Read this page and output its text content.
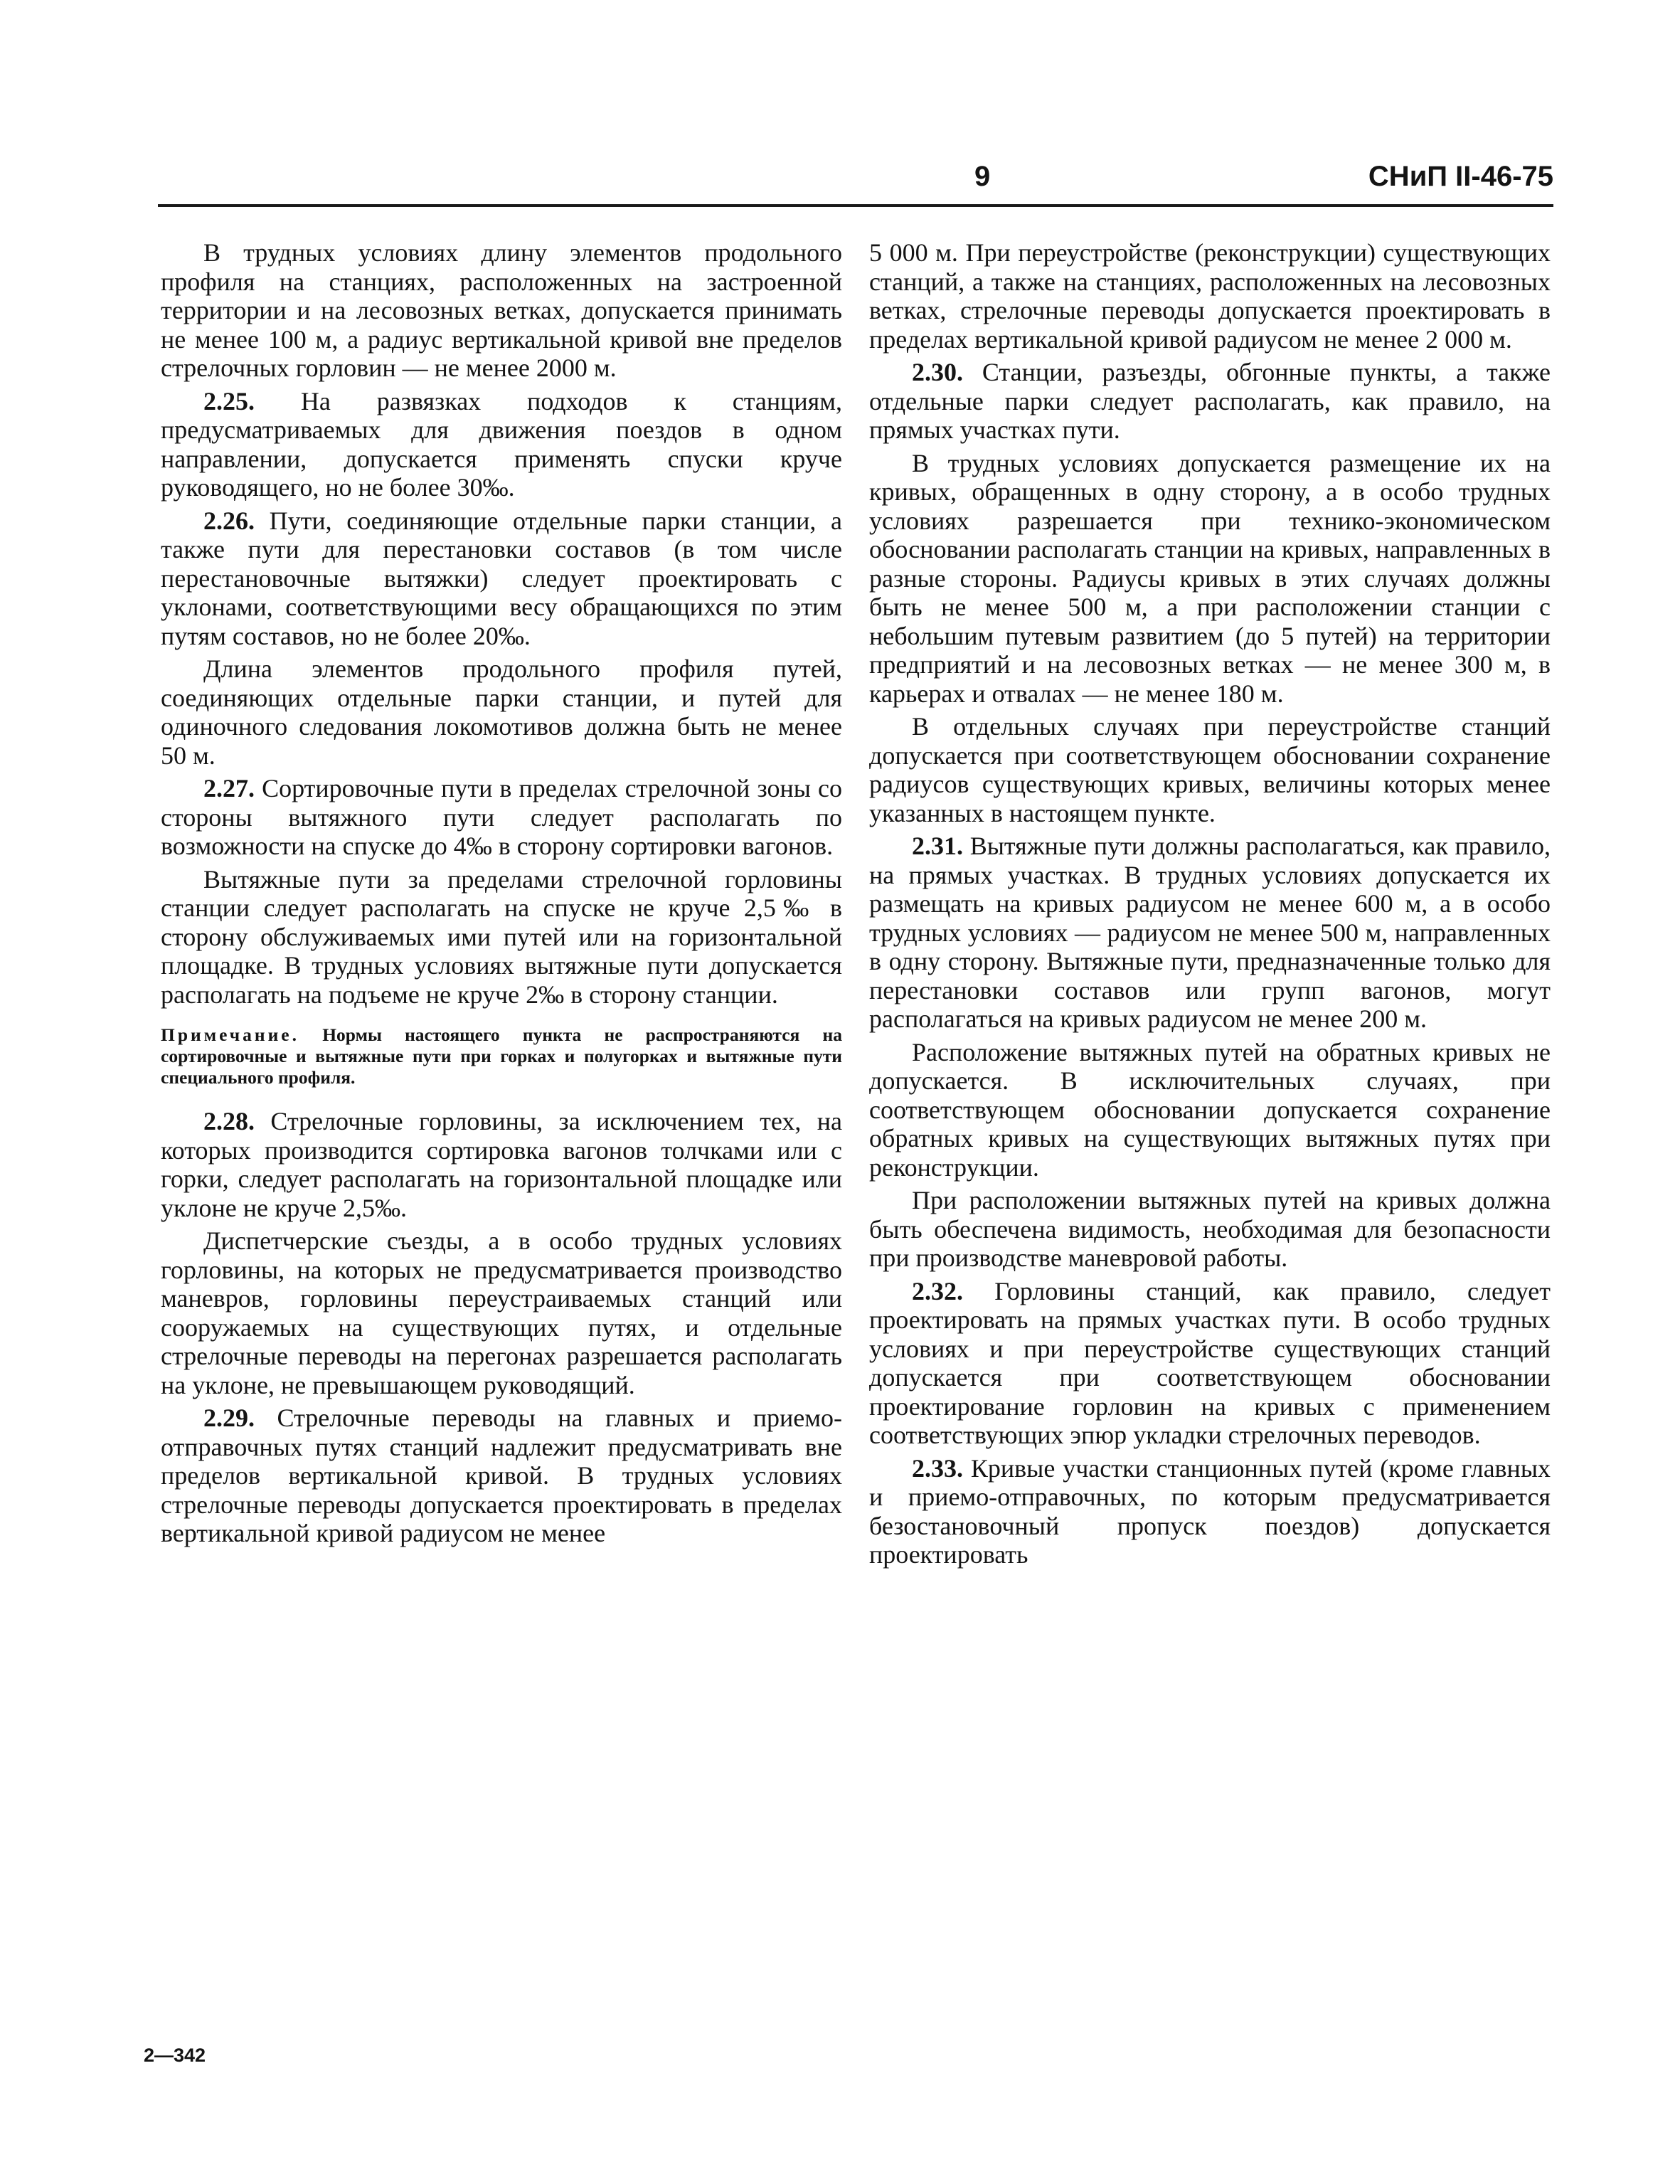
9	СНиП II-46-75

В трудных условиях длину элементов продольного профиля на станциях, расположенных на застроенной территории и на лесовозных ветках, допускается принимать не менее 100 м, а радиус вертикальной кривой вне пределов стрелочных горловин — не менее 2000 м.

2.25. На развязках подходов к станциям, предусматриваемых для движения поездов в одном направлении, допускается применять спуски круче руководящего, но не более 30‰.

2.26. Пути, соединяющие отдельные парки станции, а также пути для перестановки составов (в том числе перестановочные вытяжки) следует проектировать с уклонами, соответствующими весу обращающихся по этим путям составов, но не более 20‰.

Длина элементов продольного профиля путей, соединяющих отдельные парки станции, и путей для одиночного следования локомотивов должна быть не менее 50 м.

2.27. Сортировочные пути в пределах стрелочной зоны со стороны вытяжного пути следует располагать по возможности на спуске до 4‰ в сторону сортировки вагонов.

Вытяжные пути за пределами стрелочной горловины станции следует располагать на спуске не круче 2,5‰ в сторону обслуживаемых ими путей или на горизонтальной площадке. В трудных условиях вытяжные пути допускается располагать на подъеме не круче 2‰ в сторону станции.

Примечание. Нормы настоящего пункта не распространяются на сортировочные и вытяжные пути при горках и полугорках и вытяжные пути специального профиля.

2.28. Стрелочные горловины, за исключением тех, на которых производится сортировка вагонов толчками или с горки, следует располагать на горизонтальной площадке или уклоне не круче 2,5‰.

Диспетчерские съезды, а в особо трудных условиях горловины, на которых не предусматривается производство маневров, горловины переустраиваемых станций или сооружаемых на существующих путях, и отдельные стрелочные переводы на перегонах разрешается располагать на уклоне, не превышающем руководящий.

2.29. Стрелочные переводы на главных и приемо-отправочных путях станций надлежит предусматривать вне пределов вертикальной кривой. В трудных условиях стрелочные переводы допускается проектировать в пределах вертикальной кривой радиусом не менее

5 000 м. При переустройстве (реконструкции) существующих станций, а также на станциях, расположенных на лесовозных ветках, стрелочные переводы допускается проектировать в пределах вертикальной кривой радиусом не менее 2 000 м.

2.30. Станции, разъезды, обгонные пункты, а также отдельные парки следует располагать, как правило, на прямых участках пути.

В трудных условиях допускается размещение их на кривых, обращенных в одну сторону, а в особо трудных условиях разрешается при технико-экономическом обосновании располагать станции на кривых, направленных в разные стороны. Радиусы кривых в этих случаях должны быть не менее 500 м, а при расположении станции с небольшим путевым развитием (до 5 путей) на территории предприятий и на лесовозных ветках — не менее 300 м, в карьерах и отвалах — не менее 180 м.

В отдельных случаях при переустройстве станций допускается при соответствующем обосновании сохранение радиусов существующих кривых, величины которых менее указанных в настоящем пункте.

2.31. Вытяжные пути должны располагаться, как правило, на прямых участках. В трудных условиях допускается их размещать на кривых радиусом не менее 600 м, а в особо трудных условиях — радиусом не менее 500 м, направленных в одну сторону. Вытяжные пути, предназначенные только для перестановки составов или групп вагонов, могут располагаться на кривых радиусом не менее 200 м.

Расположение вытяжных путей на обратных кривых не допускается. В исключительных случаях, при соответствующем обосновании допускается сохранение обратных кривых на существующих вытяжных путях при реконструкции.

При расположении вытяжных путей на кривых должна быть обеспечена видимость, необходимая для безопасности при производстве маневровой работы.

2.32. Горловины станций, как правило, следует проектировать на прямых участках пути. В особо трудных условиях и при переустройстве существующих станций допускается при соответствующем обосновании проектирование горловин на кривых с применением соответствующих эпюр укладки стрелочных переводов.

2.33. Кривые участки станционных путей (кроме главных и приемо-отправочных, по которым предусматривается безостановочный пропуск поездов) допускается проектировать

2—342
